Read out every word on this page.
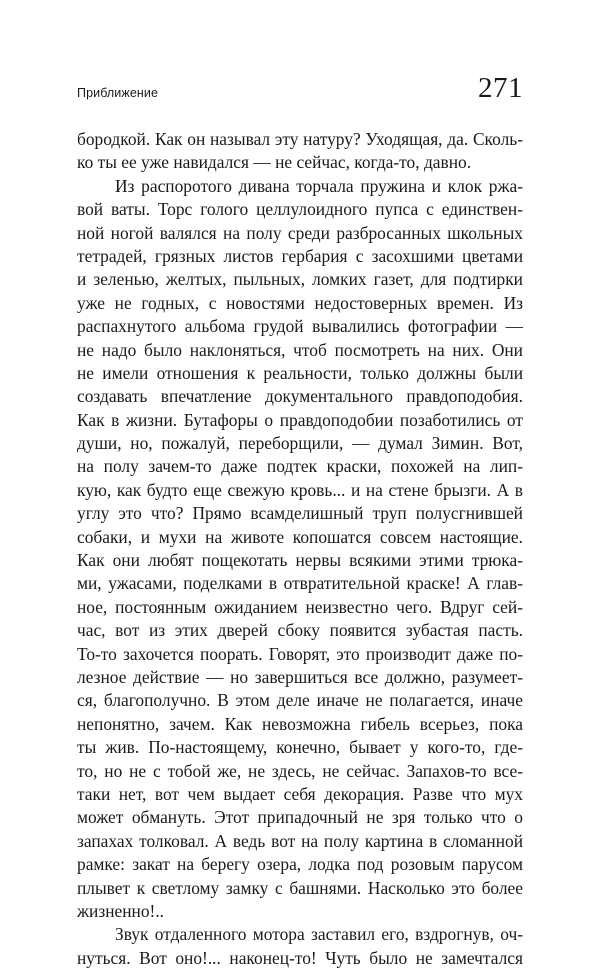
Приближение	271
бородкой. Как он называл эту натуру? Уходящая, да. Сколь-
ко ты ее уже навидался — не сейчас, когда-то, давно.
Из распоротого дивана торчала пружина и клок ржа-
вой ваты. Торс голого целлулоидного пупса с единствен-
ной ногой валялся на полу среди разбросанных школьных
тетрадей, грязных листов гербария с засохшими цветами
и зеленью, желтых, пыльных, ломких газет, для подтирки
уже не годных, с новостями недостоверных времен. Из
распахнутого альбома грудой вывалились фотографии —
не надо было наклоняться, чтоб посмотреть на них. Они
не имели отношения к реальности, только должны были
создавать впечатление документального правдоподобия.
Как в жизни. Бутафоры о правдоподобии позаботились от
души, но, пожалуй, переборщили, — думал Зимин. Вот,
на полу зачем-то даже подтек краски, похожей на лип-
кую, как будто еще свежую кровь... и на стене брызги. А в
углу это что? Прямо всамделишный труп полусгнившей
собаки, и мухи на животе копошатся совсем настоящие.
Как они любят пощекотать нервы всякими этими трюка-
ми, ужасами, поделками в отвратительной краске! А глав-
ное, постоянным ожиданием неизвестно чего. Вдруг сей-
час, вот из этих дверей сбоку появится зубастая пасть.
То-то захочется поорать. Говорят, это производит даже по-
лезное действие — но завершиться все должно, разумеет-
ся, благополучно. В этом деле иначе не полагается, иначе
непонятно, зачем. Как невозможна гибель всерьез, пока
ты жив. По-настоящему, конечно, бывает у кого-то, где-
то, но не с тобой же, не здесь, не сейчас. Запахов-то все-
таки нет, вот чем выдает себя декорация. Разве что мух
может обмануть. Этот припадочный не зря только что о
запахах толковал. А ведь вот на полу картина в сломанной
рамке: закат на берегу озера, лодка под розовым парусом
плывет к светлому замку с башнями. Насколько это более
жизненно!..
Звук отдаленного мотора заставил его, вздрогнув, оч-
нуться. Вот оно!... наконец-то! Чуть было не замечтался
